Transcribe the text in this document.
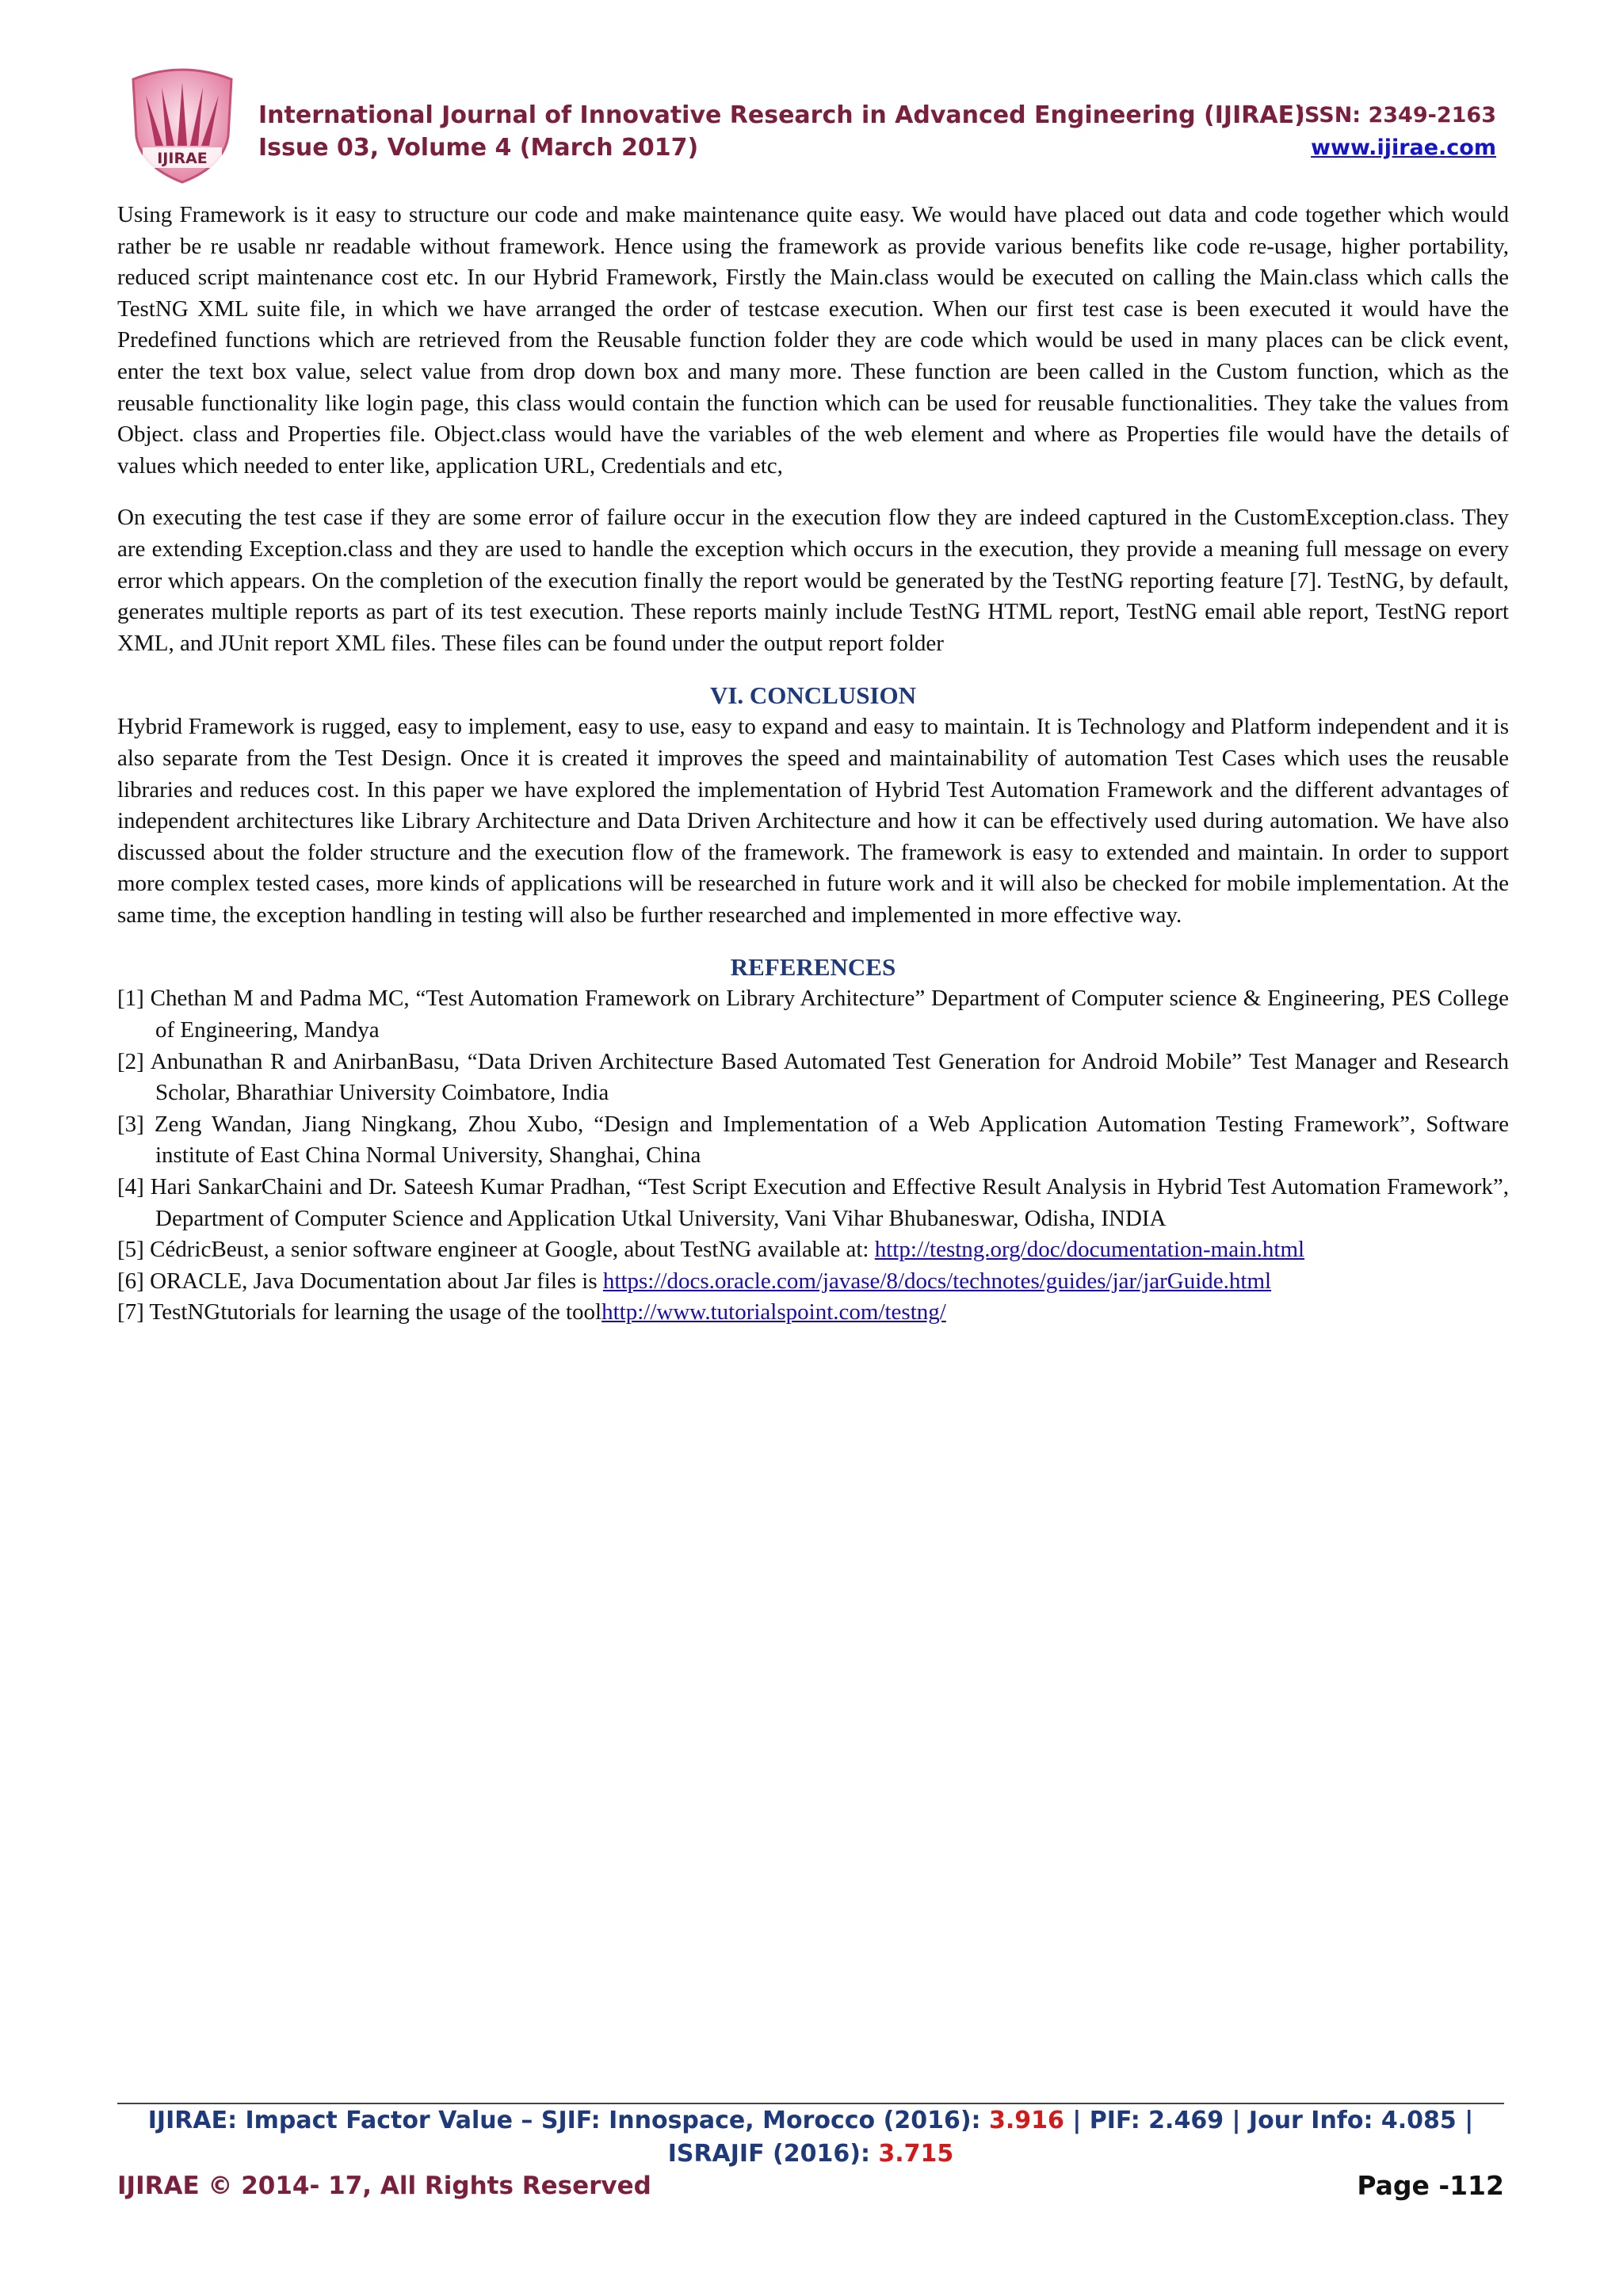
IJIRAE
International Journal of Innovative Research in Advanced Engineering (IJIRAE)
Issue 03, Volume 4 (March 2017)
ISSN: 2349-2163
www.ijirae.com

Using Framework is it easy to structure our code and make maintenance quite easy. We would have placed out data and code together which would rather be re usable nr readable without framework. Hence using the framework as provide various benefits like code re-usage, higher portability, reduced script maintenance cost etc. In our Hybrid Framework, Firstly the Main.class would be executed on calling the Main.class which calls the TestNG XML suite file, in which we have arranged the order of testcase execution. When our first test case is been executed it would have the Predefined functions which are retrieved from the Reusable function folder they are code which would be used in many places can be click event, enter the text box value, select value from drop down box and many more. These function are been called in the Custom function, which as the reusable functionality like login page, this class would contain the function which can be used for reusable functionalities. They take the values from Object. class and Properties file. Object.class would have the variables of the web element and where as Properties file would have the details of values which needed to enter like, application URL, Credentials and etc,

On executing the test case if they are some error of failure occur in the execution flow they are indeed captured in the CustomException.class. They are extending Exception.class and they are used to handle the exception which occurs in the execution, they provide a meaning full message on every error which appears. On the completion of the execution finally the report would be generated by the TestNG reporting feature [7]. TestNG, by default, generates multiple reports as part of its test execution. These reports mainly include TestNG HTML report, TestNG email able report, TestNG report XML, and JUnit report XML files. These files can be found under the output report folder

VI. CONCLUSION

Hybrid Framework is rugged, easy to implement, easy to use, easy to expand and easy to maintain. It is Technology and Platform independent and it is also separate from the Test Design. Once it is created it improves the speed and maintainability of automation Test Cases which uses the reusable libraries and reduces cost. In this paper we have explored the implementation of Hybrid Test Automation Framework and the different advantages of independent architectures like Library Architecture and Data Driven Architecture and how it can be effectively used during automation. We have also discussed about the folder structure and the execution flow of the framework. The framework is easy to extended and maintain. In order to support more complex tested cases, more kinds of applications will be researched in future work and it will also be checked for mobile implementation. At the same time, the exception handling in testing will also be further researched and implemented in more effective way.

REFERENCES

[1] Chethan M and Padma MC, “Test Automation Framework on Library Architecture” Department of Computer science & Engineering, PES College of Engineering, Mandya

[2] Anbunathan R and AnirbanBasu, “Data Driven Architecture Based Automated Test Generation for Android Mobile” Test Manager and Research Scholar, Bharathiar University Coimbatore, India

[3] Zeng Wandan, Jiang Ningkang, Zhou Xubo, “Design and Implementation of a Web Application Automation Testing Framework”, Software institute of East China Normal University, Shanghai, China

[4] Hari SankarChaini and Dr. Sateesh Kumar Pradhan, “Test Script Execution and Effective Result Analysis in Hybrid Test Automation Framework”, Department of Computer Science and Application Utkal University, Vani Vihar Bhubaneswar, Odisha, INDIA

[5] CédricBeust, a senior software engineer at Google, about TestNG available at: http://testng.org/doc/documentation-main.html

[6] ORACLE, Java Documentation about Jar files is https://docs.oracle.com/javase/8/docs/technotes/guides/jar/jarGuide.html

[7] TestNGtutorials for learning the usage of the toolhttp://www.tutorialspoint.com/testng/

IJIRAE: Impact Factor Value – SJIF: Innospace, Morocco (2016): 3.916 | PIF: 2.469 | Jour Info: 4.085 |
ISRAJIF (2016): 3.715
IJIRAE © 2014- 17, All Rights Reserved	Page -112
